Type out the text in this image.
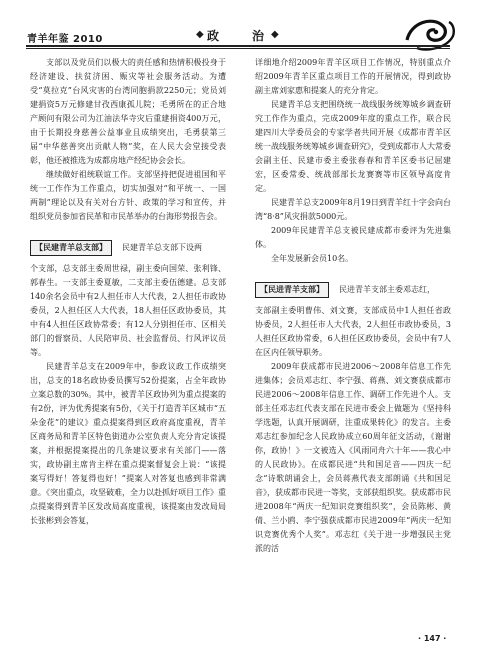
青羊年鉴 2010	◆ 政	治 ◆

支部以及党员们以极大的责任感和热情积极投身于经济建设、扶贫济困、赈灾等社会服务活动。为遭受“莫拉克”台风灾害的台湾同胞捐款2250元；党员刘建捐资5万元修建甘孜西康孤儿院；毛勇所在的正合地产顾问有限公司为江油法华寺灾后重建捐资400万元，由于长期投身慈善公益事业且成绩突出，毛勇获第三届“中华慈善突出贡献人物”奖，在人民大会堂接受表彰，他还被推选为成都房地产经纪协会会长。

继续做好祖统联谊工作。支部坚持把促进祖国和平统一工作作为工作重点，切实加强对“和平统一、一国两制”理论以及有关对台方针、政策的学习和宣传，并组织党员参加省民革和市民革举办的台海形势报告会。

【民建青羊总支部】 民建青羊总支部下设两

个支部，总支部主委周世禄，副主委向国荣、张利锋、郭春生。一支部主委夏敏，二支部主委伍德建。总支部140余名会员中有2人担任市人大代表，2人担任市政协委员，2人担任区人大代表，18人担任区政协委员，其中有4人担任区政协常委；有12人分别担任市、区相关部门的督察员、人民陪审员、社会监督员、行风评议员等。

民建青羊总支在2009年中，参政议政工作成绩突出，总支的18名政协委员撰写52份提案，占全年政协立案总数的30%。其中，被青羊区政协列为重点提案的有2份，评为优秀提案有5份，《关于打造青羊区城市“五朵金花”的建议》重点提案得到区政府高度重视，青羊区商务局和青羊区特色街道办公室负责人充分肯定该提案，并根据提案提出的几条建议要求有关部门——落实，政协副主席肯主样在重点提案督复会上说：“该提案写得好！答复得也好！”提案人对答复也感到非常满意。《突出重点，攻坚破难，全力以赴抓好项目工作》重点提案得到青羊区发改局高度重视，该提案由发改局局长张彬到会答复，

详细地介绍2009年青羊区项目工作情况，特别重点介绍2009年青羊区重点项目工作的开展情况，得到政协副主席刘家惠和提案人的充分肯定。

民建青羊总支把围绕统一战线服务统筹城乡调查研究工作作为重点，完成2009年度的重点工作，联合民建四川大学委员会的专家学者共同开展《成都市青羊区统一战线服务统筹城乡调查研究》，受到成都市人大常委会副主任、民建市委主委张春春和青羊区委书记屈建宏，区委常委、统战部部长龙赛赛等市区领导高度肯定。

民建青羊总支2009年8月19日到青羊红十字会向台湾“8·8”风灾捐款5000元。

2009年民建青羊总支被民建成都市委评为先进集体。

全年发展新会员10名。

【民进青羊支部】 民进青羊支部主委邓志红，

支部副主委明曹伟、刘文赛，支部成员中1人担任省政协委员，2人担任市人大代表，2人担任市政协委员，3人担任区政协常委，6人担任区政协委员，会员中有7人在区内任领导职务。

2009年获成都市民进2006～2008年信息工作先进集体；会员邓志红、李宁强、蒋燕、刘文赛获成都市民进2006～2008年信息工作、调研工作先进个人。支部主任邓志红代表支部在民进市委会上做题为《坚持科学选题，认真开展调研，注重成果转化》的发言。主委邓志红参加纪念人民政协成立60周年征文活动，《谢谢你，政协！》一文被选入《风雨同舟六十年——我心中的人民政协》。在成都民进“共和国足音——四庆一纪念”诗歌朗诵会上，会员蒋燕代表支部朗诵《共和国足音》，获成都市民进一等奖，支部获组织奖。获成都市民进2008年“两庆一纪知识竞赛组织奖”，会员陈彬、黄倩、兰小鸥、李宁强获成都市民进2009年“两庆一纪知识竞赛优秀个人奖”。邓志红《关于进一步增强民主党派的活

· 147 ·
